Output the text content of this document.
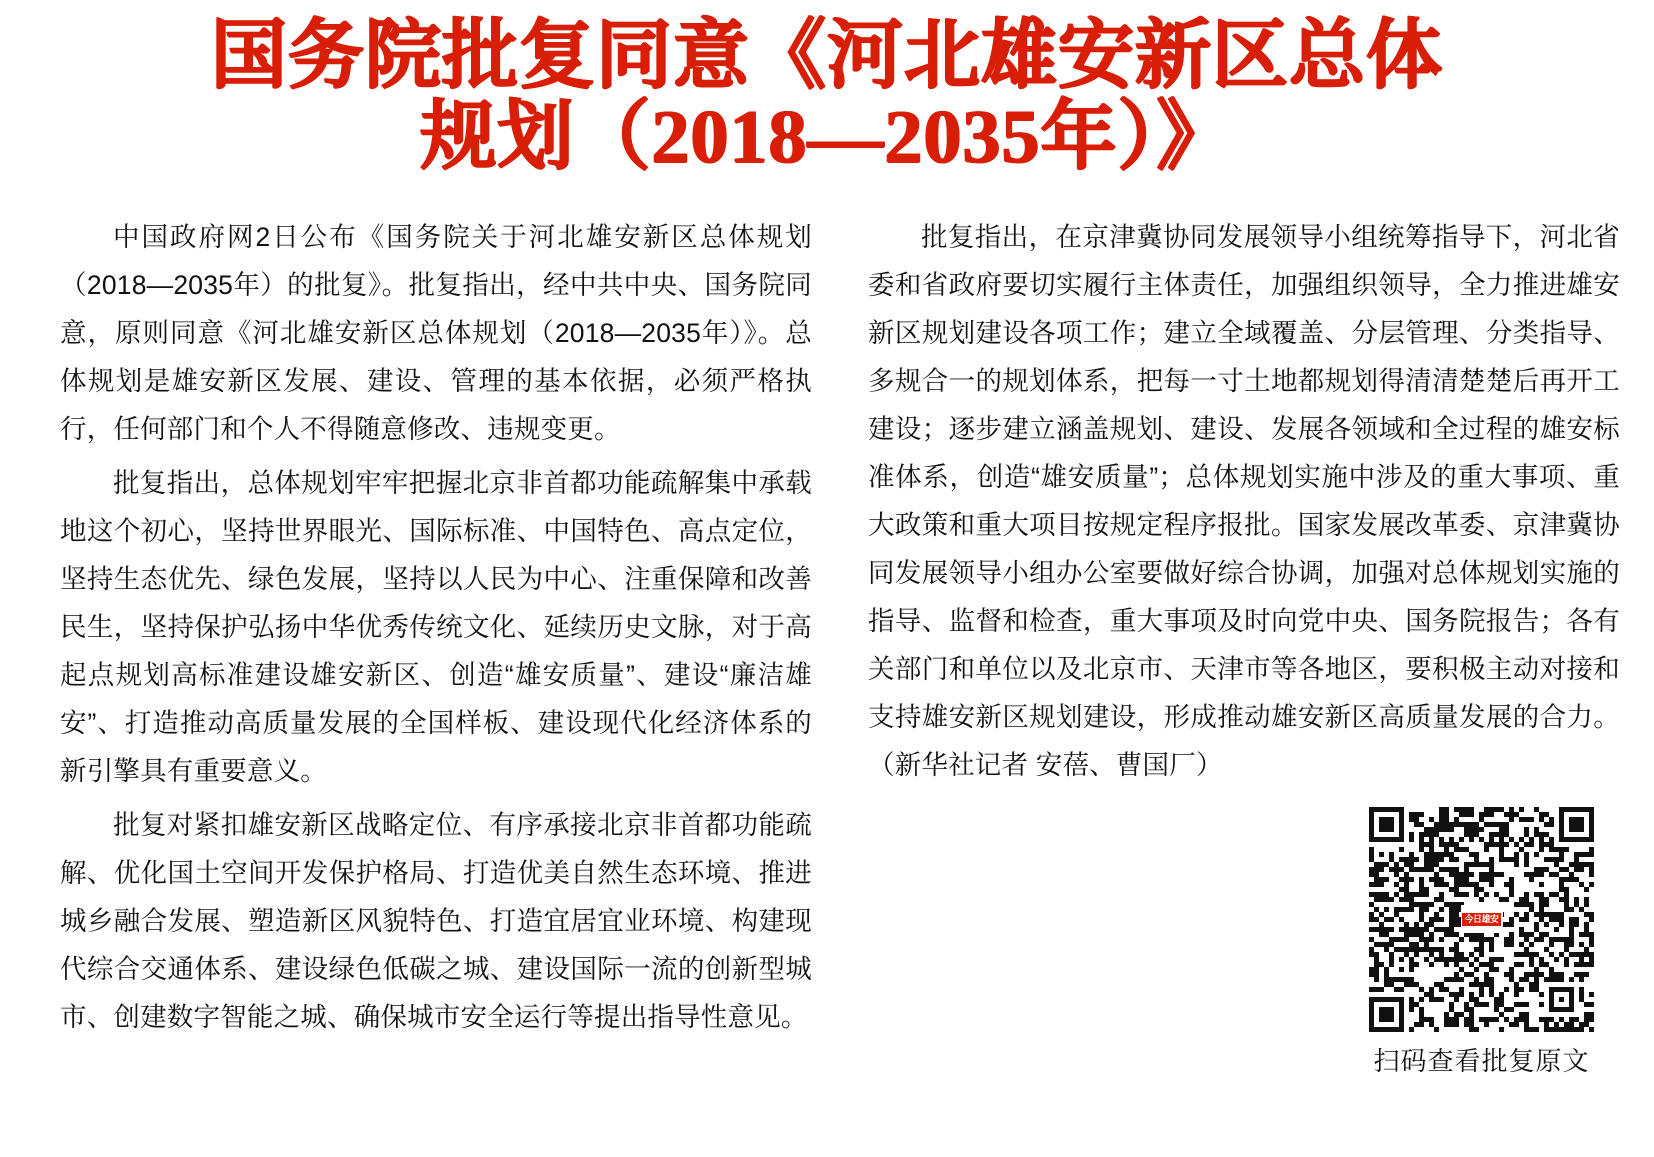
国务院批复同意《河北雄安新区总体
规划（2018—2035年）》

中国政府网2日公布《国务院关于河北雄安新区总体规划（2018—2035年）的批复》。批复指出，经中共中央、国务院同意，原则同意《河北雄安新区总体规划（2018—2035年）》。总体规划是雄安新区发展、建设、管理的基本依据，必须严格执行，任何部门和个人不得随意修改、违规变更。

批复指出，总体规划牢牢把握北京非首都功能疏解集中承载地这个初心，坚持世界眼光、国际标准、中国特色、高点定位，坚持生态优先、绿色发展，坚持以人民为中心、注重保障和改善民生，坚持保护弘扬中华优秀传统文化、延续历史文脉，对于高起点规划高标准建设雄安新区、创造“雄安质量”、建设“廉洁雄安”、打造推动高质量发展的全国样板、建设现代化经济体系的新引擎具有重要意义。

批复对紧扣雄安新区战略定位、有序承接北京非首都功能疏解、优化国土空间开发保护格局、打造优美自然生态环境、推进城乡融合发展、塑造新区风貌特色、打造宜居宜业环境、构建现代综合交通体系、建设绿色低碳之城、建设国际一流的创新型城市、创建数字智能之城、确保城市安全运行等提出指导性意见。

批复指出，在京津冀协同发展领导小组统筹指导下，河北省委和省政府要切实履行主体责任，加强组织领导，全力推进雄安新区规划建设各项工作；建立全域覆盖、分层管理、分类指导、多规合一的规划体系，把每一寸土地都规划得清清楚楚后再开工建设；逐步建立涵盖规划、建设、发展各领域和全过程的雄安标准体系，创造“雄安质量”；总体规划实施中涉及的重大事项、重大政策和重大项目按规定程序报批。国家发展改革委、京津冀协同发展领导小组办公室要做好综合协调，加强对总体规划实施的指导、监督和检查，重大事项及时向党中央、国务院报告；各有关部门和单位以及北京市、天津市等各地区，要积极主动对接和支持雄安新区规划建设，形成推动雄安新区高质量发展的合力。（新华社记者 安蓓、曹国厂）

今日雄安
扫码查看批复原文
